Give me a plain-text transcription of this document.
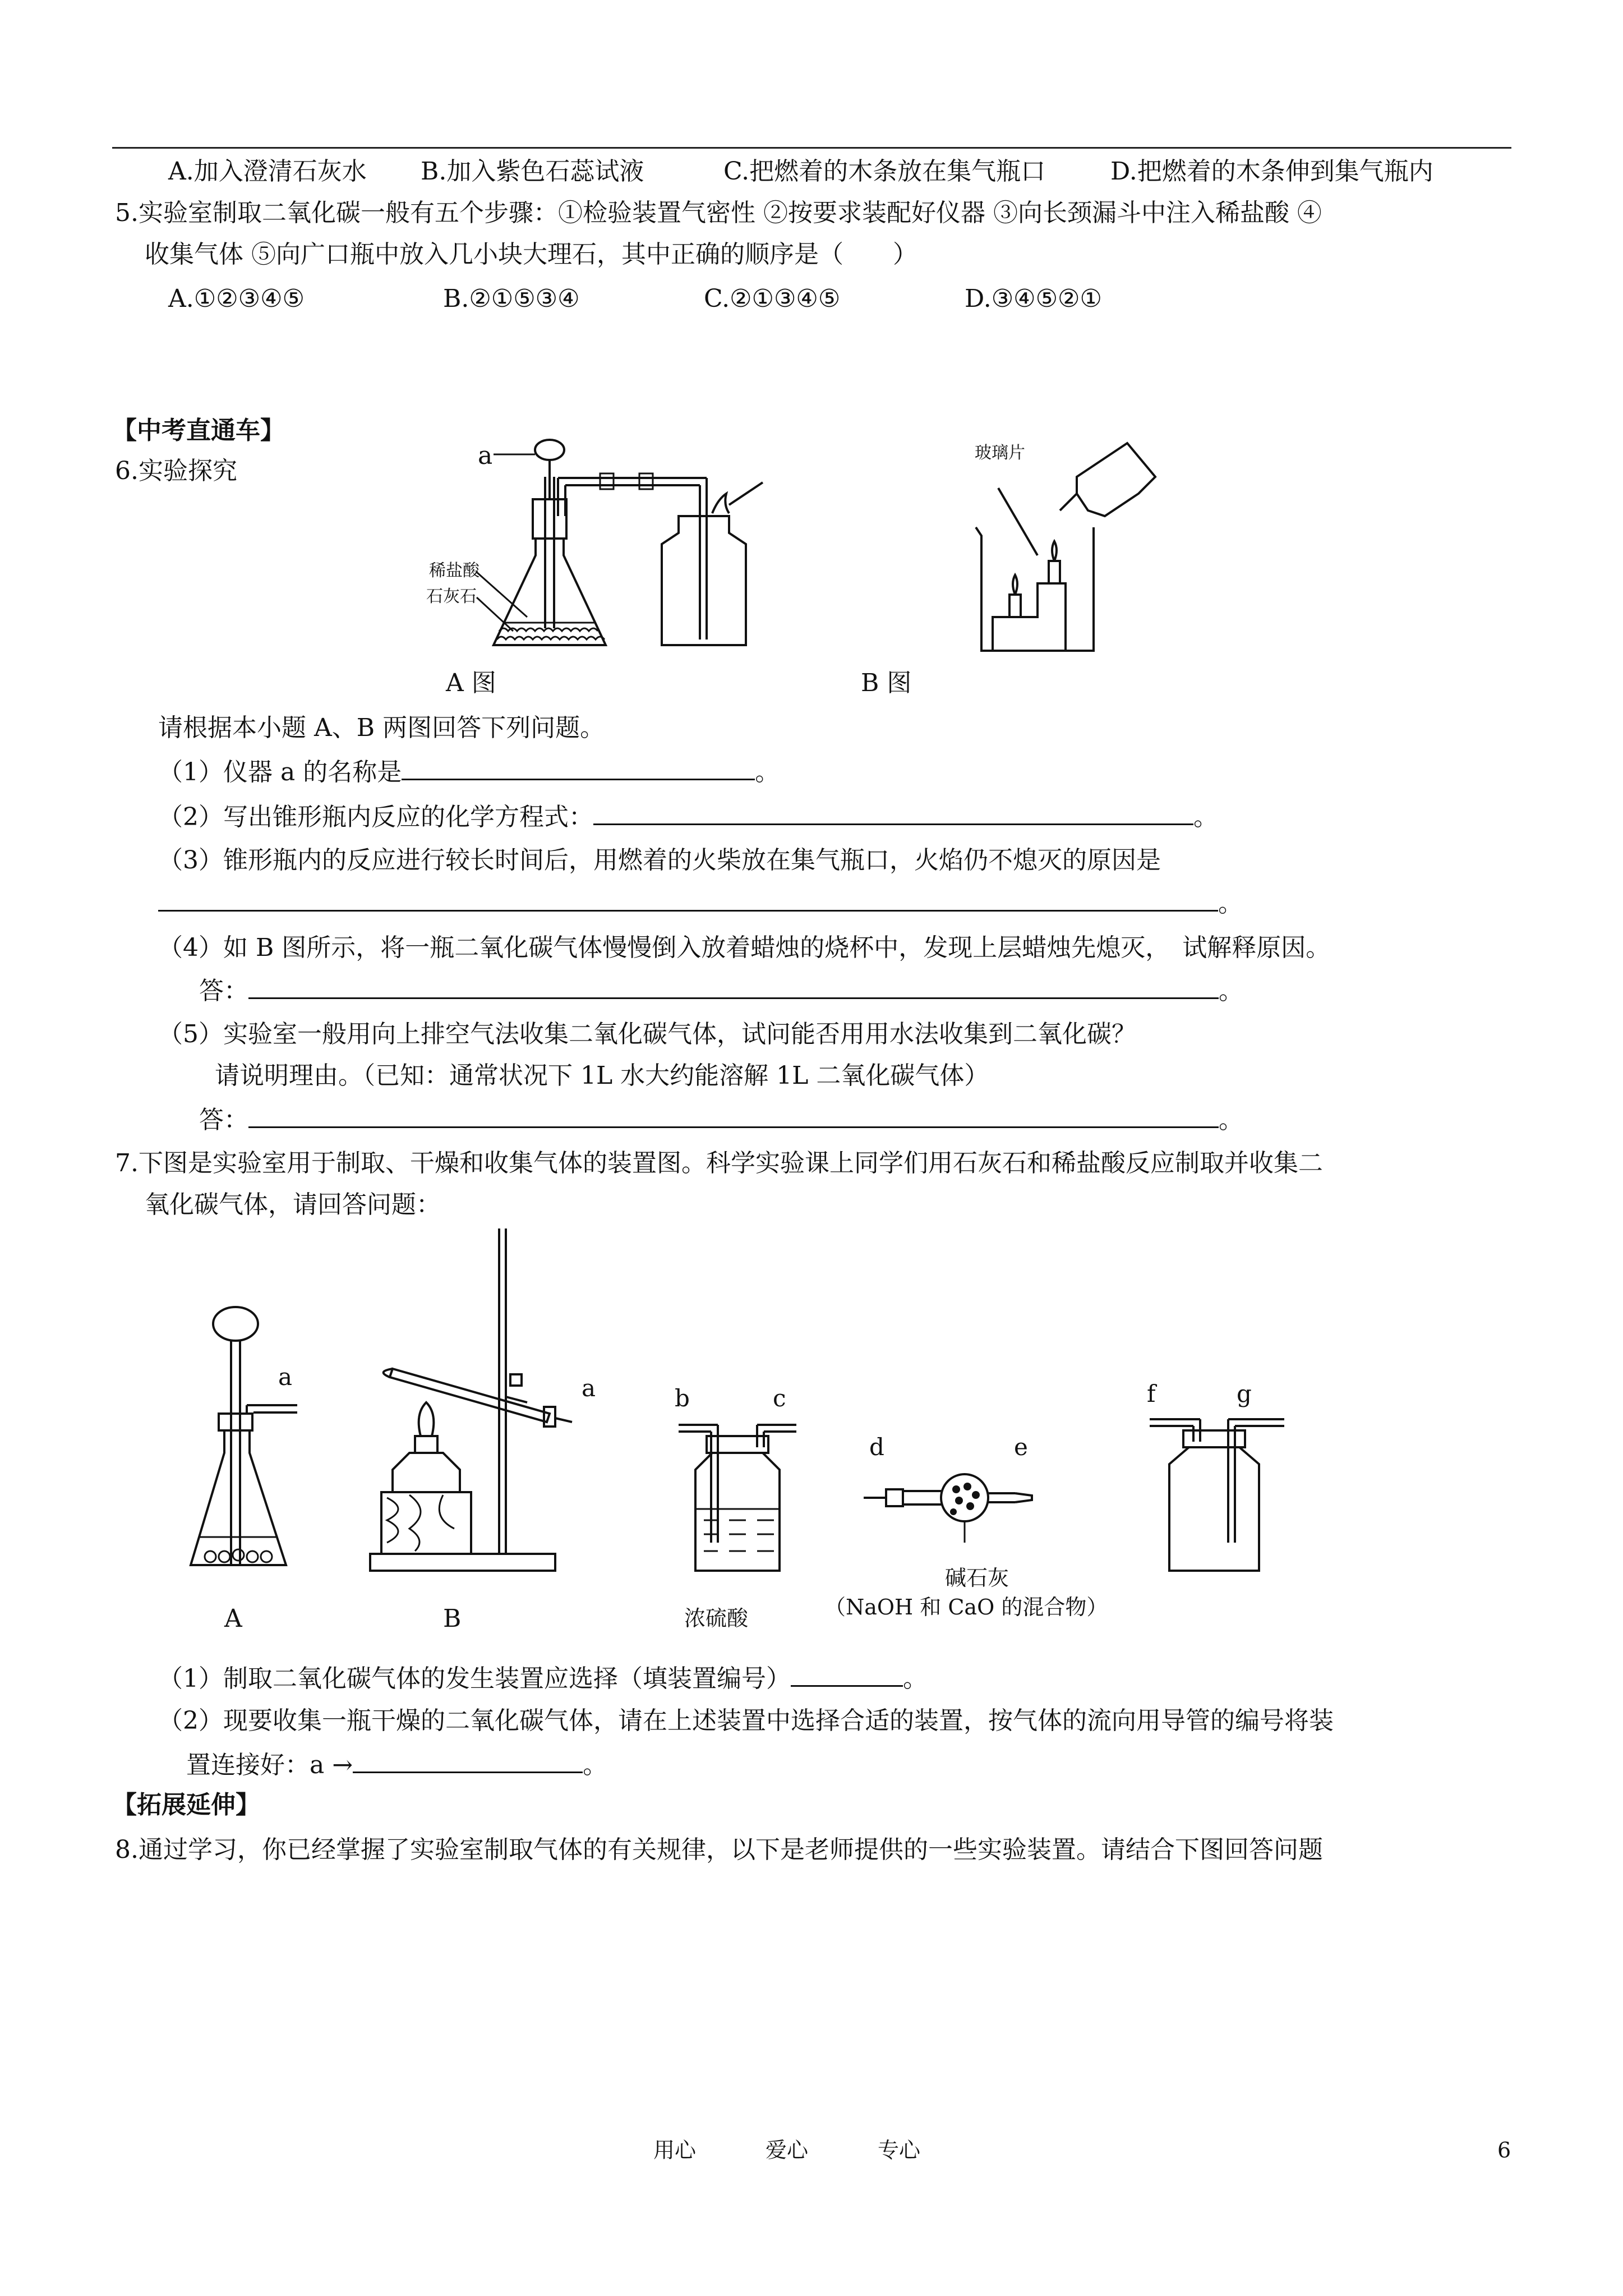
A.加入澄清石灰水 B.加入紫色石蕊试液	C.把燃着的木条放在集气瓶口	D.把燃着的木条伸到集气瓶内
5.实验室制取二氧化碳一般有五个步骤：①检验装置气密性 ②按要求装配好仪器 ③向长颈漏斗中注入稀盐酸 ④
收集气体 ⑤向广口瓶中放入几小块大理石，其中正确的顺序是（　　）
A.①②③④⑤	B.②①⑤③④	C.②①③④⑤	D.③④⑤②①
【中考直通车】
6.实验探究
a
稀盐酸
石灰石
A 图
玻璃片
B 图
请根据本小题 A、B 两图回答下列问题。
（1）仪器 a 的名称是	。
（2）写出锥形瓶内反应的化学方程式：	。
（3）锥形瓶内的反应进行较长时间后，用燃着的火柴放在集气瓶口，火焰仍不熄灭的原因是
。
（4）如 B 图所示，将一瓶二氧化碳气体慢慢倒入放着蜡烛的烧杯中，发现上层蜡烛先熄灭，　试解释原因。
答：	。
（5）实验室一般用向上排空气法收集二氧化碳气体，试问能否用用水法收集到二氧化碳？
请说明理由。（已知：通常状况下 1L 水大约能溶解 1L 二氧化碳气体）
答：	。
7.下图是实验室用于制取、干燥和收集气体的装置图。科学实验课上同学们用石灰石和稀盐酸反应制取并收集二
氧化碳气体，请回答问题：
a
A
a
B
b	c
浓硫酸
d	e
碱石灰
（NaOH 和 CaO 的混合物）
f	g
（1）制取二氧化碳气体的发生装置应选择（填装置编号）	。
（2）现要收集一瓶干燥的二氧化碳气体，请在上述装置中选择合适的装置，按气体的流向用导管的编号将装
置连接好：a →	。
【拓展延伸】
8.通过学习，你已经掌握了实验室制取气体的有关规律，以下是老师提供的一些实验装置。请结合下图回答问题
用心	爱心	专心	6
